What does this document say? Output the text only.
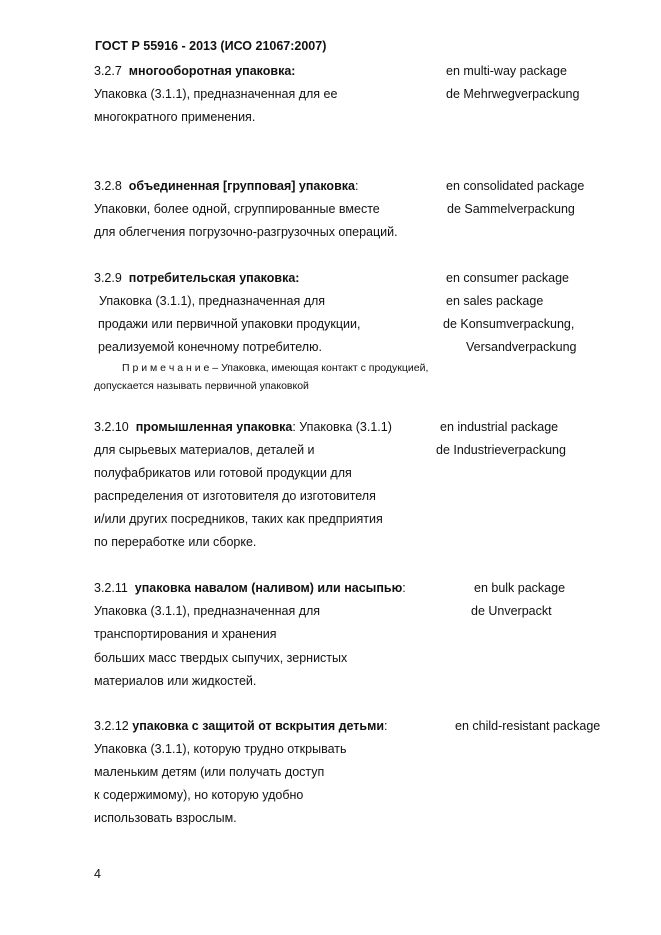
ГОСТ Р 55916 - 2013 (ИСО 21067:2007)
3.2.7 многооборотная упаковка:	en multi-way package
Упаковка (3.1.1), предназначенная для ее	de Mehrwegverpackung
многократного применения.
3.2.8 объединенная [групповая] упаковка:	en consolidated package
Упаковки, более одной, сгруппированные вместе	de Sammelverpackung
для облегчения погрузочно-разгрузочных операций.
3.2.9 потребительская упаковка:	en consumer package
Упаковка (3.1.1), предназначенная для	en sales package
продажи или первичной упаковки продукции,	de Konsumverpackung,
реализуемой конечному потребителю.	Versandverpackung
П р и м е ч а н и е – Упаковка, имеющая контакт с продукцией,
допускается называть первичной упаковкой
3.2.10 промышленная упаковка: Упаковка (3.1.1)	en industrial package
для сырьевых материалов, деталей и	de Industrieverpackung
полуфабрикатов или готовой продукции для
распределения от изготовителя до изготовителя
и/или других посредников, таких как предприятия
по переработке или сборке.
3.2.11 упаковка навалом (наливом) или насыпью:	en bulk package
Упаковка (3.1.1), предназначенная для	de Unverpackt
транспортирования и хранения
больших масс твердых сыпучих, зернистых
материалов или жидкостей.
3.2.12 упаковка с защитой от вскрытия детьми:	en child-resistant package
Упаковка (3.1.1), которую трудно открывать
маленьким детям (или получать доступ
к содержимому), но которую удобно
использовать взрослым.
4
